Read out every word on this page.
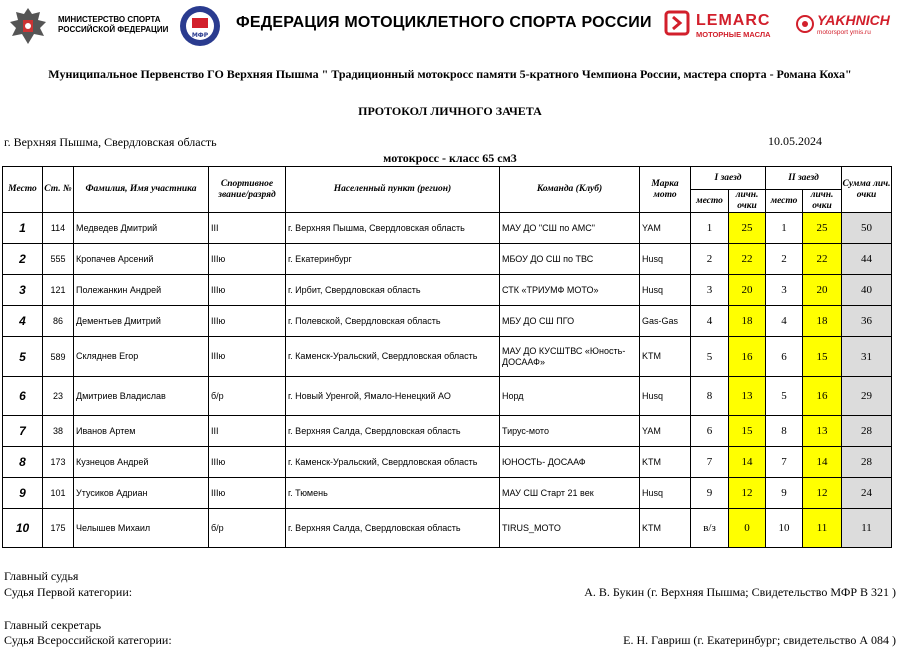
МИНИСТЕРСТВО СПОРТА
РОССИЙСКОЙ ФЕДЕРАЦИИ
МФР
ФЕДЕРАЦИЯ МОТОЦИКЛЕТНОГО СПОРТА РОССИИ	LEMARC
МОТОРНЫЕ МАСЛА
YAKHNICH
motorsport ymis.ru
Муниципальное Первенство ГО Верхняя Пышма " Традиционный мотокросс памяти 5-кратного Чемпиона России, мастера спорта - Романа Коха"
ПРОТОКОЛ ЛИЧНОГО ЗАЧЕТА
г. Верхняя Пышма, Свердловская область	10.05.2024
мотокросс - класс 65 см3
Место	Ст. №	Фамилия, Имя участника	Спортивное звание/разряд	Населенный пункт (регион)	Команда (Клуб)	Марка мото	I заезд		II заезд		Сумма лич. очки
							место	личн. очки	место	личн. очки	
1	114	Медведев Дмитрий	III	г. Верхняя Пышма, Свердловская область	МАУ ДО "СШ по АМС"	YAM	1	25	1	25	50
2	555	Кропачев Арсений	IIIю	г. Екатеринбург	МБОУ ДО СШ по ТВС	Husq	2	22	2	22	44
3	121	Полежанкин Андрей	IIIю	г. Ирбит, Свердловская область	СТК «ТРИУМФ МОТО»	Husq	3	20	3	20	40
4	86	Дементьев Дмитрий	IIIю	г. Полевской, Свердловская область	МБУ ДО СШ ПГО	Gas-Gas	4	18	4	18	36
5	589	Скляднев Егор	IIIю	г. Каменск-Уральский, Свердловская область	МАУ ДО КУСШТВС «Юность-ДОСААФ»	KTM	5	16	6	15	31
6	23	Дмитриев Владислав	б/р	г. Новый Уренгой, Ямало-Ненецкий АО	Норд	Husq	8	13	5	16	29
7	38	Иванов Артем	III	г. Верхняя Салда, Свердловская область	Тирус-мото	YAM	6	15	8	13	28
8	173	Кузнецов Андрей	IIIю	г. Каменск-Уральский, Свердловская область	ЮНОСТЬ- ДОСААФ	KTM	7	14	7	14	28
9	101	Утусиков Адриан	IIIю	г. Тюмень	МАУ СШ Старт 21 век	Husq	9	12	9	12	24
10	175	Челышев Михаил	б/р	г. Верхняя Салда, Свердловская область	TIRUS_MOTO	KTM	в/з	0	10	11	11
Главный судья
Судья Первой категории:	А. В. Букин (г. Верхняя Пышма; Свидетельство МФР В 321 )
Главный секретарь
Судья Всероссийской категории:	Е. Н. Гавриш (г. Екатеринбург; свидетельство А 084 )
